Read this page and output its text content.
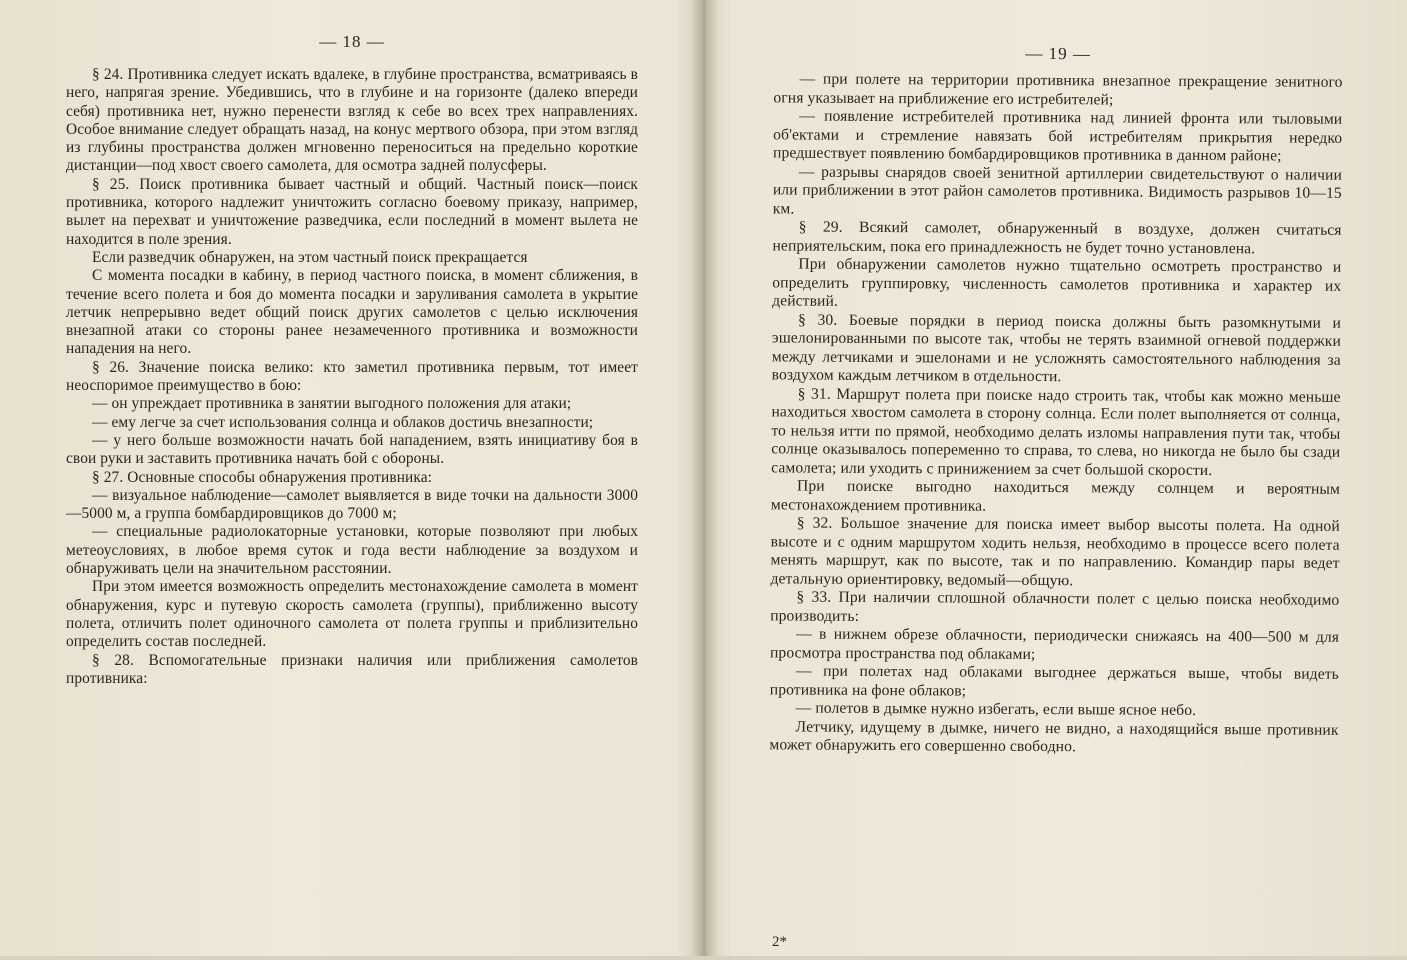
— 18 —

§ 24. Противника следует искать вдалеке, в глубине пространства, всматриваясь в него, напрягая зрение. Убедившись, что в глубине и на горизонте (далеко впереди себя) противника нет, нужно перенести взгляд к себе во всех трех направлениях. Особое внимание следует обращать назад, на конус мертвого обзора, при этом взгляд из глубины пространства должен мгновенно переноситься на предельно короткие дистанции—под хвост своего самолета, для осмотра задней полусферы.

§ 25. Поиск противника бывает частный и общий. Частный поиск—поиск противника, которого надлежит уничтожить согласно боевому приказу, например, вылет на перехват и уничтожение разведчика, если последний в момент вылета не находится в поле зрения.

Если разведчик обнаружен, на этом частный поиск прекращается

С момента посадки в кабину, в период частного поиска, в момент сближения, в течение всего полета и боя до момента посадки и заруливания самолета в укрытие летчик непрерывно ведет общий поиск других самолетов с целью исключения внезапной атаки со стороны ранее незамеченного противника и возможности нападения на него.

§ 26. Значение поиска велико: кто заметил противника первым, тот имеет неоспоримое преимущество в бою:

— он упреждает противника в занятии выгодного положения для атаки;

— ему легче за счет использования солнца и облаков достичь внезапности;

— у него больше возможности начать бой нападением, взять инициативу боя в свои руки и заставить противника начать бой с обороны.

§ 27. Основные способы обнаружения противника:

— визуальное наблюдение—самолет выявляется в виде точки на дальности 3000—5000 м, а группа бомбардировщиков до 7000 м;

— специальные радиолокаторные установки, которые позволяют при любых метеоусловиях, в любое время суток и года вести наблюдение за воздухом и обнаруживать цели на значительном расстоянии.

При этом имеется возможность определить местонахождение самолета в момент обнаружения, курс и путевую скорость самолета (группы), приближенно высоту полета, отличить полет одиночного самолета от полета группы и приблизительно определить состав последней.

§ 28. Вспомогательные признаки наличия или приближения самолетов противника:

— 19 —

— при полете на территории противника внезапное прекращение зенитного огня указывает на приближение его истребителей;

— появление истребителей противника над линией фронта или тыловыми об'ектами и стремление навязать бой истребителям прикрытия нередко предшествует появлению бомбардировщиков противника в данном районе;

— разрывы снарядов своей зенитной артиллерии свидетельствуют о наличии или приближении в этот район самолетов противника. Видимость разрывов 10—15 км.

§ 29. Всякий самолет, обнаруженный в воздухе, должен считаться неприятельским, пока его принадлежность не будет точно установлена.

При обнаружении самолетов нужно тщательно осмотреть пространство и определить группировку, численность самолетов противника и характер их действий.

§ 30. Боевые порядки в период поиска должны быть разомкнутыми и эшелонированными по высоте так, чтобы не терять взаимной огневой поддержки между летчиками и эшелонами и не усложнять самостоятельного наблюдения за воздухом каждым летчиком в отдельности.

§ 31. Маршрут полета при поиске надо строить так, чтобы как можно меньше находиться хвостом самолета в сторону солнца. Если полет выполняется от солнца, то нельзя итти по прямой, необходимо делать изломы направления пути так, чтобы солнце оказывалось попеременно то справа, то слева, но никогда не было бы сзади самолета; или уходить с принижением за счет большой скорости.

При поиске выгодно находиться между солнцем и вероятным местонахождением противника.

§ 32. Большое значение для поиска имеет выбор высоты полета. На одной высоте и с одним маршрутом ходить нельзя, необходимо в процессе всего полета менять маршрут, как по высоте, так и по направлению. Командир пары ведет детальную ориентировку, ведомый—общую.

§ 33. При наличии сплошной облачности полет с целью поиска необходимо производить:

— в нижнем обрезе облачности, периодически снижаясь на 400—500 м для просмотра пространства под облаками;

— при полетах над облаками выгоднее держаться выше, чтобы видеть противника на фоне облаков;

— полетов в дымке нужно избегать, если выше ясное небо.

Летчику, идущему в дымке, ничего не видно, а находящийся выше противник может обнаружить его совершенно свободно.

2*
